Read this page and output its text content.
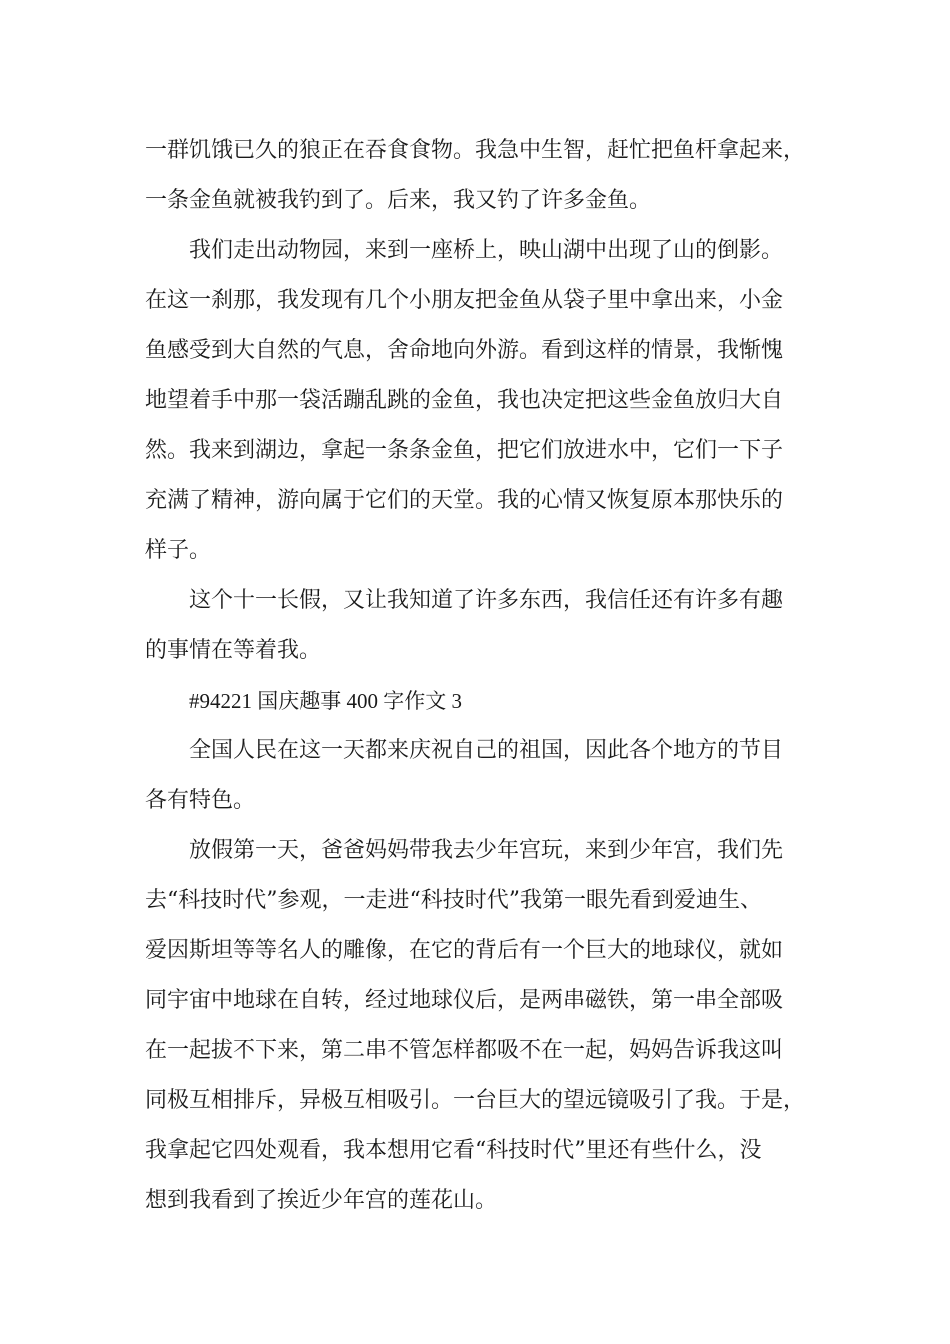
一群饥饿已久的狼正在吞食食物。我急中生智，赶忙把鱼杆拿起来，
一条金鱼就被我钓到了。后来，我又钓了许多金鱼。
我们走出动物园，来到一座桥上，映山湖中出现了山的倒影。
在这一刹那，我发现有几个小朋友把金鱼从袋子里中拿出来，小金
鱼感受到大自然的气息，舍命地向外游。看到这样的情景，我惭愧
地望着手中那一袋活蹦乱跳的金鱼，我也决定把这些金鱼放归大自
然。我来到湖边，拿起一条条金鱼，把它们放进水中，它们一下子
充满了精神，游向属于它们的天堂。我的心情又恢复原本那快乐的
样子。
这个十一长假，又让我知道了许多东西，我信任还有许多有趣
的事情在等着我。
#94221 国庆趣事 400 字作文 3
全国人民在这一天都来庆祝自己的祖国，因此各个地方的节目
各有特色。
放假第一天，爸爸妈妈带我去少年宫玩，来到少年宫，我们先
去“科技时代”参观，一走进“科技时代”我第一眼先看到爱迪生、
爱因斯坦等等名人的雕像，在它的背后有一个巨大的地球仪，就如
同宇宙中地球在自转，经过地球仪后，是两串磁铁，第一串全部吸
在一起拔不下来，第二串不管怎样都吸不在一起，妈妈告诉我这叫
同极互相排斥，异极互相吸引。一台巨大的望远镜吸引了我。于是，
我拿起它四处观看，我本想用它看“科技时代”里还有些什么，没
想到我看到了挨近少年宫的莲花山。
